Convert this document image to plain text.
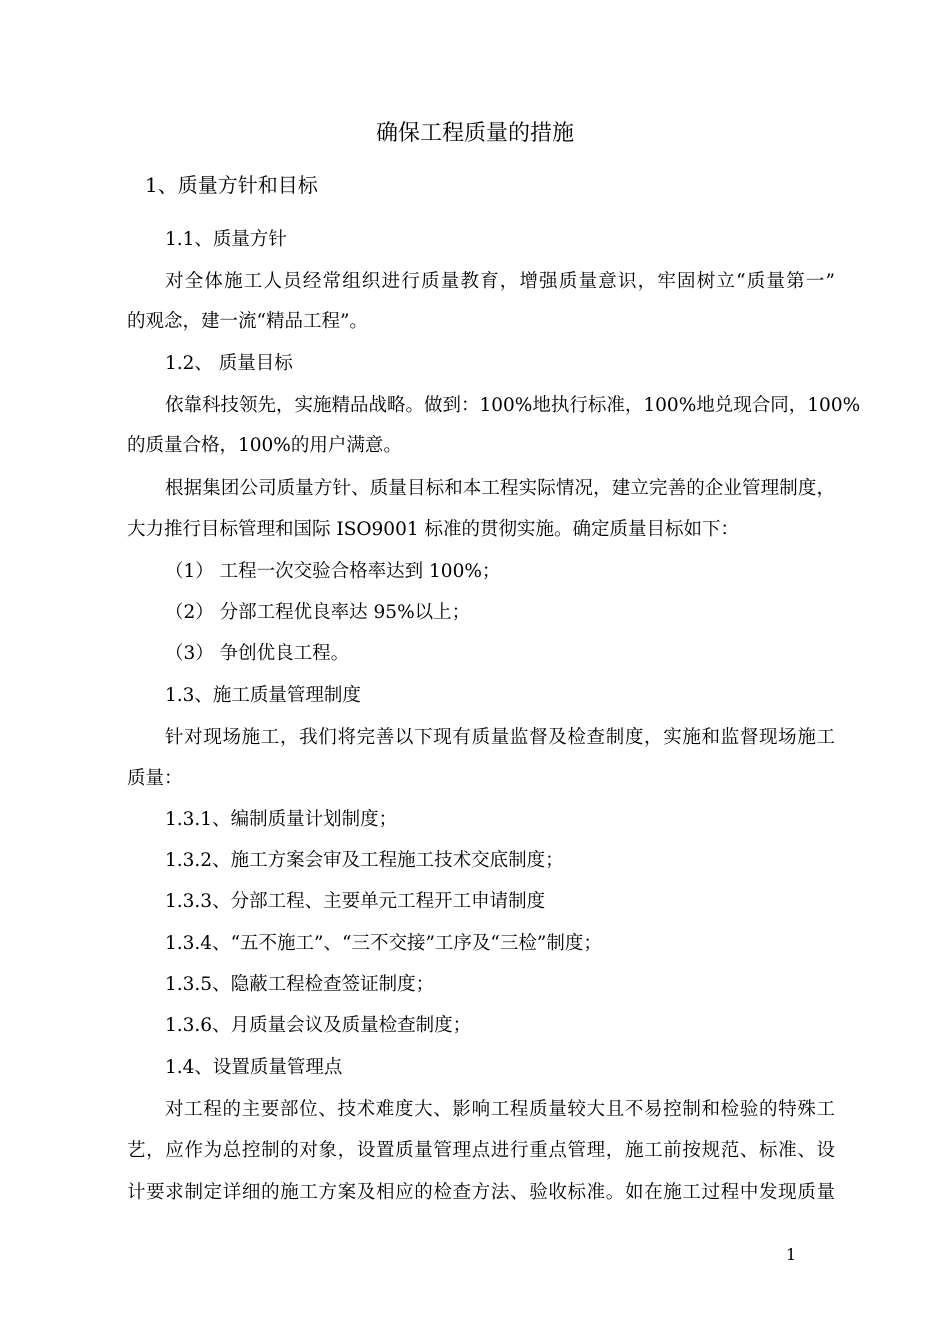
确保工程质量的措施
1、质量方针和目标

1.1、质量方针

对全体施工人员经常组织进行质量教育，增强质量意识，牢固树立“质量第一”

的观念，建一流“精品工程”。

1.2、 质量目标

依靠科技领先，实施精品战略。做到：100%地执行标准，100%地兑现合同，100%

的质量合格，100%的用户满意。

根据集团公司质量方针、质量目标和本工程实际情况，建立完善的企业管理制度，

大力推行目标管理和国际 ISO9001 标准的贯彻实施。确定质量目标如下：

（1） 工程一次交验合格率达到 100%；

（2） 分部工程优良率达 95%以上；

（3） 争创优良工程。

1.3、施工质量管理制度

针对现场施工，我们将完善以下现有质量监督及检查制度，实施和监督现场施工

质量：

1.3.1、编制质量计划制度；

1.3.2、施工方案会审及工程施工技术交底制度；

1.3.3、分部工程、主要单元工程开工申请制度

1.3.4、“五不施工”、“三不交接”工序及“三检”制度；

1.3.5、隐蔽工程检查签证制度；

1.3.6、月质量会议及质量检查制度；

1.4、设置质量管理点

对工程的主要部位、技术难度大、影响工程质量较大且不易控制和检验的特殊工

艺，应作为总控制的对象，设置质量管理点进行重点管理，施工前按规范、标准、设

计要求制定详细的施工方案及相应的检查方法、验收标准。如在施工过程中发现质量

1
